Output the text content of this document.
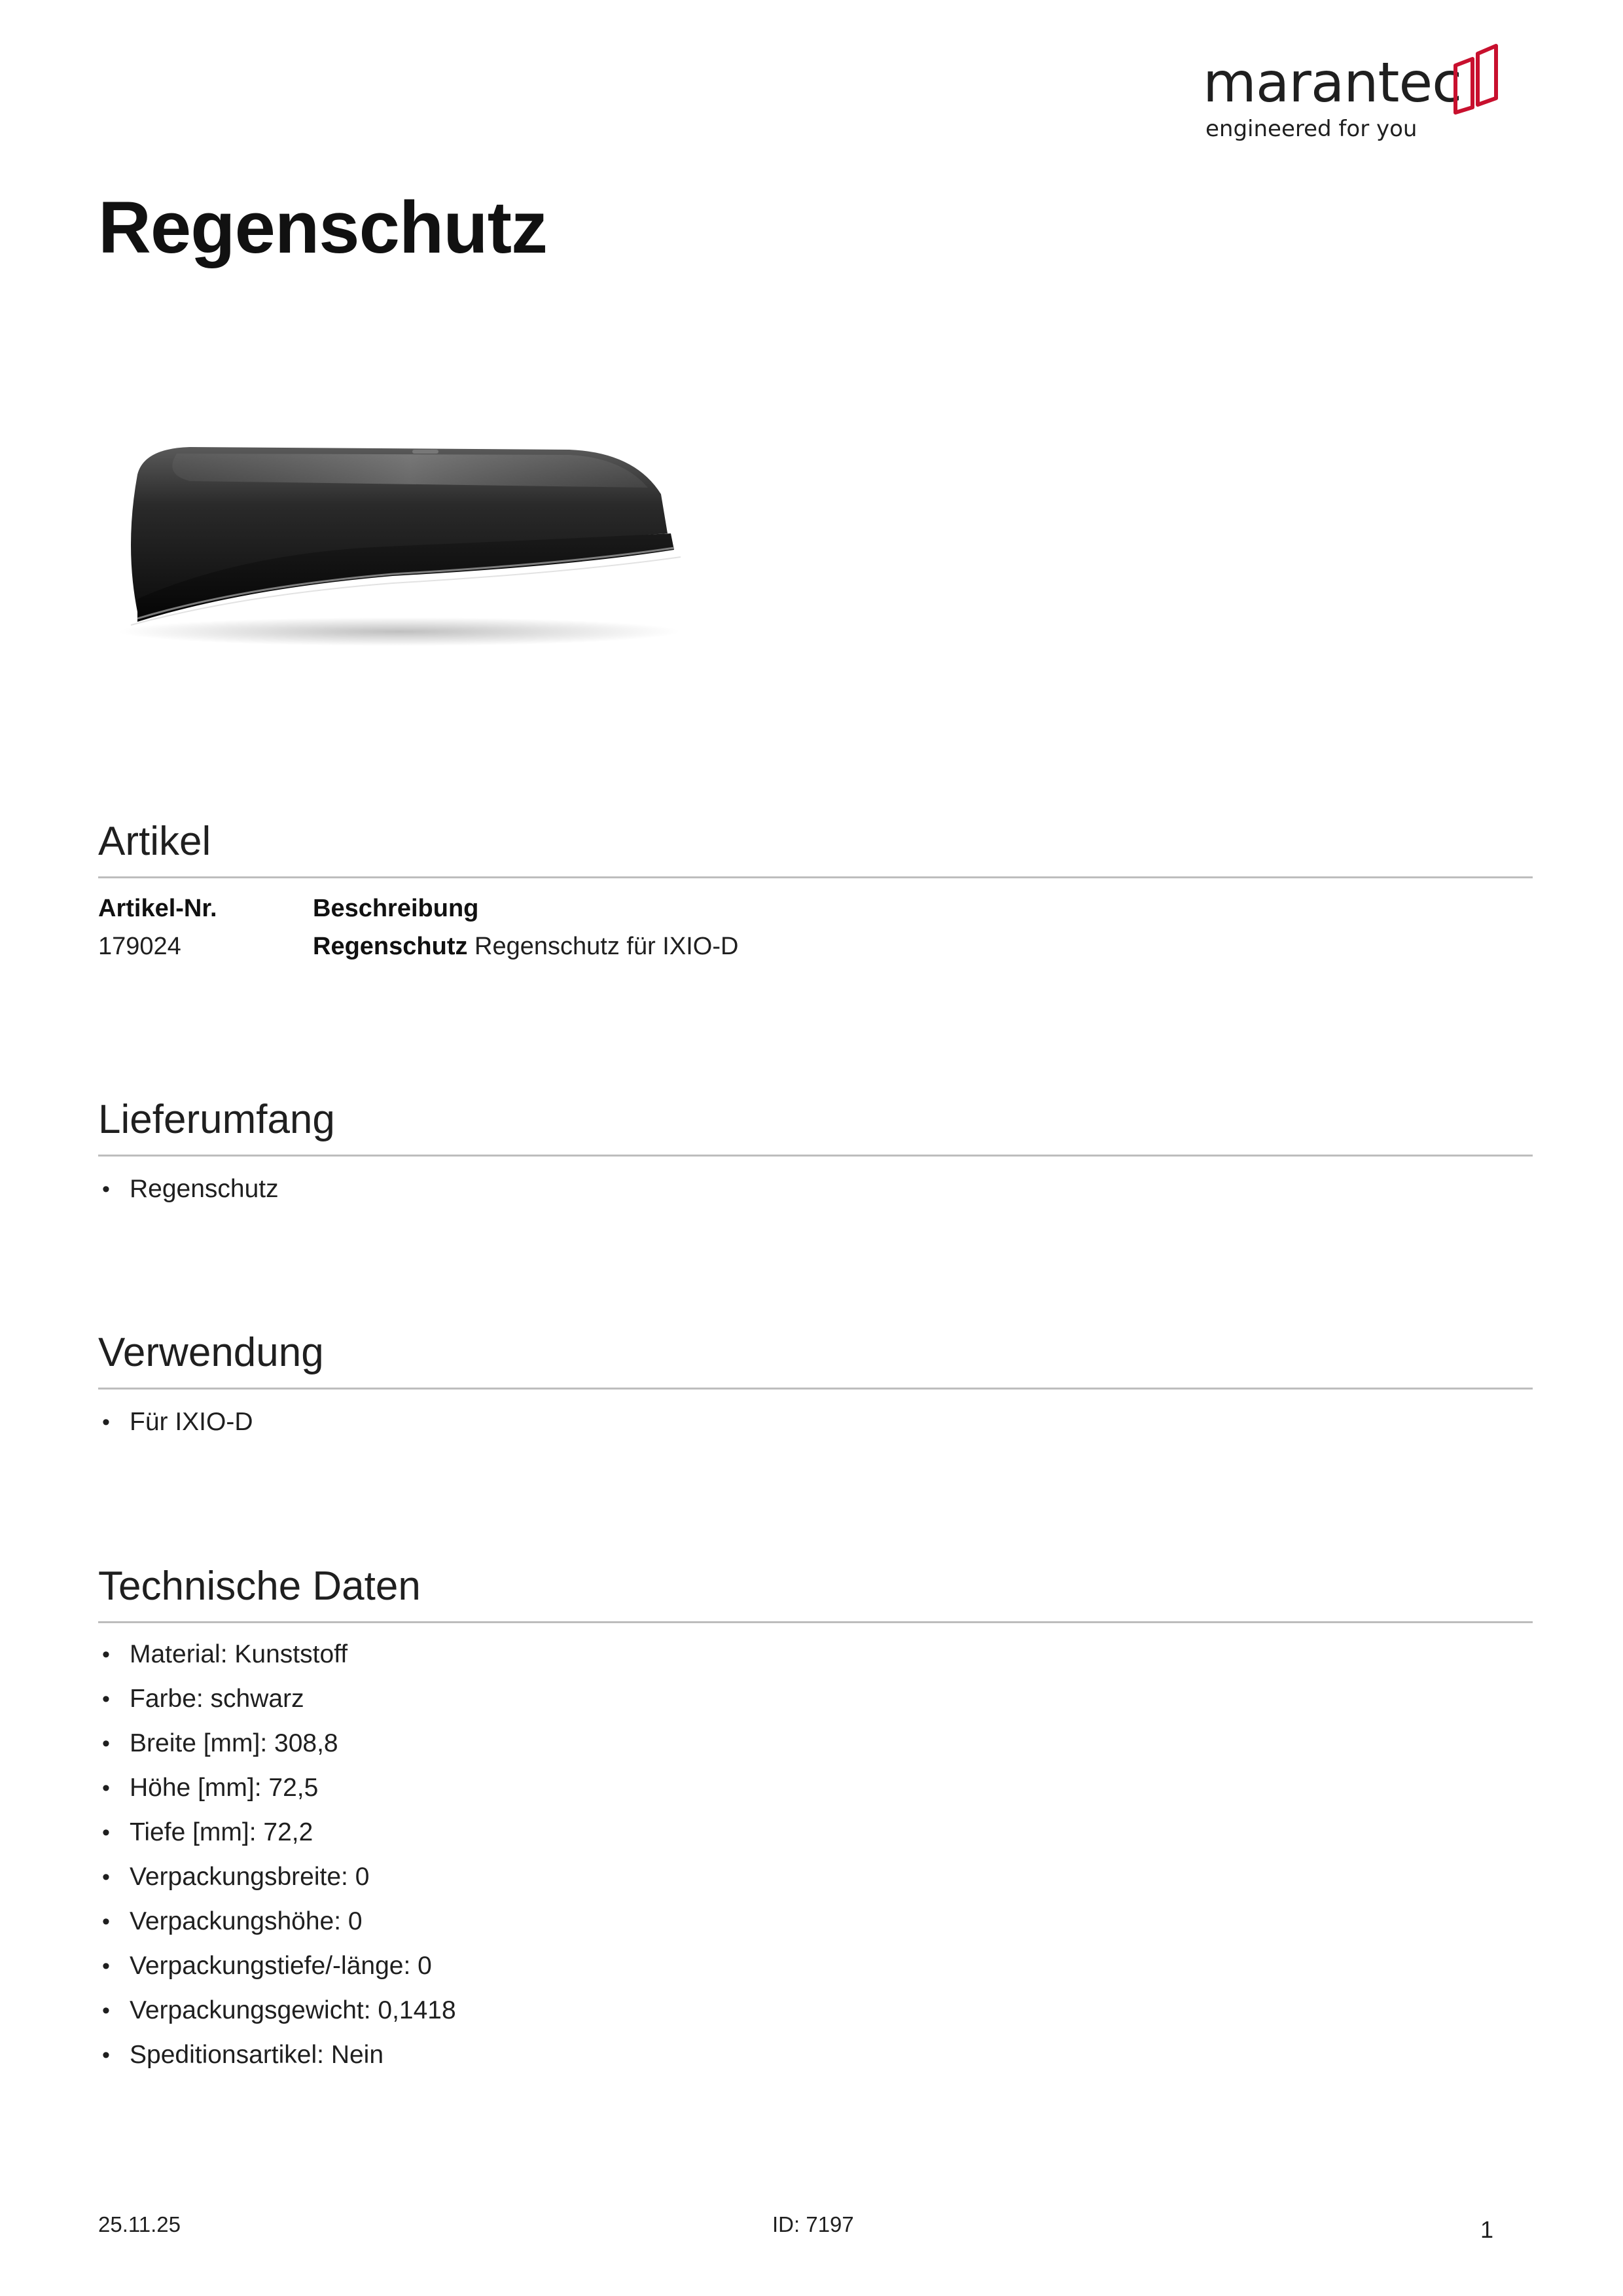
marantec
engineered for you
Regenschutz
Artikel
Artikel-Nr.	Beschreibung
179024	Regenschutz Regenschutz für IXIO-D
Lieferumfang
• Regenschutz
Verwendung
• Für IXIO-D
Technische Daten
• Material: Kunststoff
• Farbe: schwarz
• Breite [mm]: 308,8
• Höhe [mm]: 72,5
• Tiefe [mm]: 72,2
• Verpackungsbreite: 0
• Verpackungshöhe: 0
• Verpackungstiefe/-länge: 0
• Verpackungsgewicht: 0,1418
• Speditionsartikel: Nein
25.11.25	ID: 7197	1
